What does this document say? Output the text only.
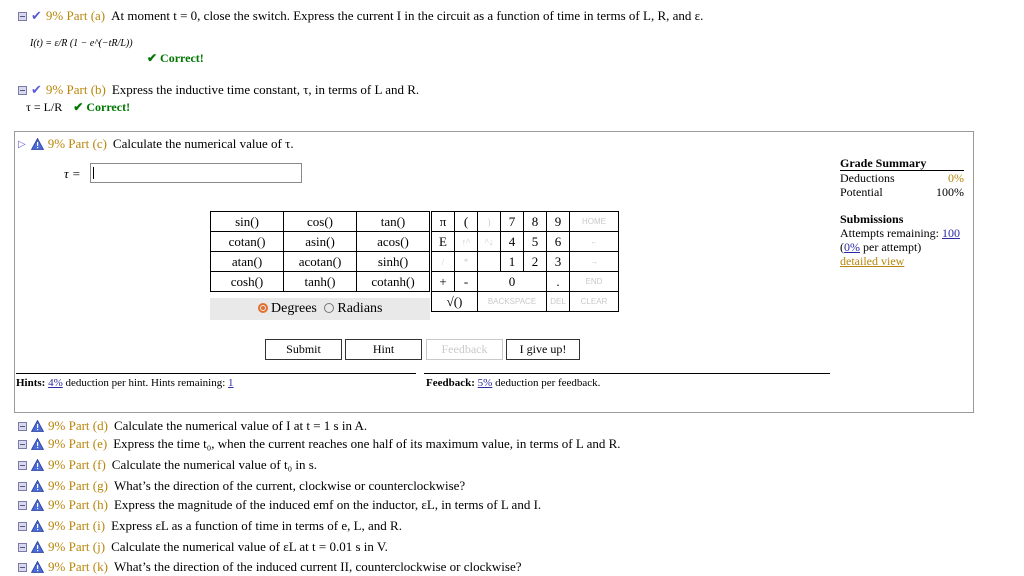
✔ 9% Part (a) At moment t = 0, close the switch. Express the current I in the circuit as a function of time in terms of L, R, and ε.
I(t) = ε/R (1 − e^(−tR/L))
✔ Correct!
✔ 9% Part (b) Express the inductive time constant, τ, in terms of L and R.
τ = L/R ✔ Correct!
▷ 9% Part (c) Calculate the numerical value of τ.
τ =
sin()	cos()	tan()
cotan()	asin()	acos()
atan()	acotan()	sinh()
cosh()	tanh()	cotanh()
Degrees Radians
π	(	)	7	8	9	HOME
E	↑^	^↓	4	5	6	←
/	*		1	2	3	→
+	-	0			.	END
√()		BACKSPACE			DEL	CLEAR
Submit	Hint	Feedback	I give up!
Hints: 4% deduction per hint. Hints remaining: 1	Feedback: 5% deduction per feedback.
Grade Summary
Deductions	0%
Potential	100%
Submissions
Attempts remaining: 100
(0% per attempt)
detailed view
9% Part (d) Calculate the numerical value of I at t = 1 s in A.
9% Part (e) Express the time t₀, when the current reaches one half of its maximum value, in terms of L and R.
9% Part (f) Calculate the numerical value of t₀ in s.
9% Part (g) What’s the direction of the current, clockwise or counterclockwise?
9% Part (h) Express the magnitude of the induced emf on the inductor, εL, in terms of L and I.
9% Part (i) Express εL as a function of time in terms of e, L, and R.
9% Part (j) Calculate the numerical value of εL at t = 0.01 s in V.
9% Part (k) What’s the direction of the induced current II, counterclockwise or clockwise?
